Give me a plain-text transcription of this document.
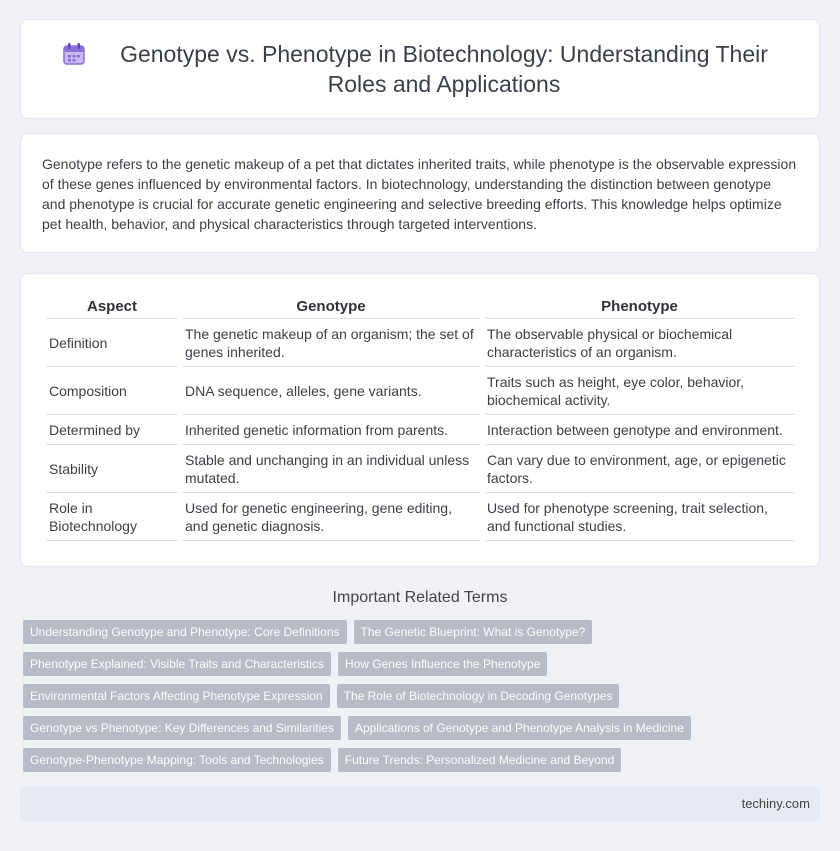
Genotype vs. Phenotype in Biotechnology: Understanding Their Roles and Applications

Genotype refers to the genetic makeup of a pet that dictates inherited traits, while phenotype is the observable expression of these genes influenced by environmental factors. In biotechnology, understanding the distinction between genotype and phenotype is crucial for accurate genetic engineering and selective breeding efforts. This knowledge helps optimize pet health, behavior, and physical characteristics through targeted interventions.

Aspect	Genotype	Phenotype
Definition	The genetic makeup of an organism; the set of genes inherited.	The observable physical or biochemical characteristics of an organism.
Composition	DNA sequence, alleles, gene variants.	Traits such as height, eye color, behavior, biochemical activity.
Determined by	Inherited genetic information from parents.	Interaction between genotype and environment.
Stability	Stable and unchanging in an individual unless mutated.	Can vary due to environment, age, or epigenetic factors.
Role in Biotechnology	Used for genetic engineering, gene editing, and genetic diagnosis.	Used for phenotype screening, trait selection, and functional studies.
Important Related Terms
Understanding Genotype and Phenotype: Core Definitions	The Genetic Blueprint: What is Genotype?
Phenotype Explained: Visible Traits and Characteristics	How Genes Influence the Phenotype
Environmental Factors Affecting Phenotype Expression	The Role of Biotechnology in Decoding Genotypes
Genotype vs Phenotype: Key Differences and Similarities	Applications of Genotype and Phenotype Analysis in Medicine
Genotype-Phenotype Mapping: Tools and Technologies	Future Trends: Personalized Medicine and Beyond
techiny.com
